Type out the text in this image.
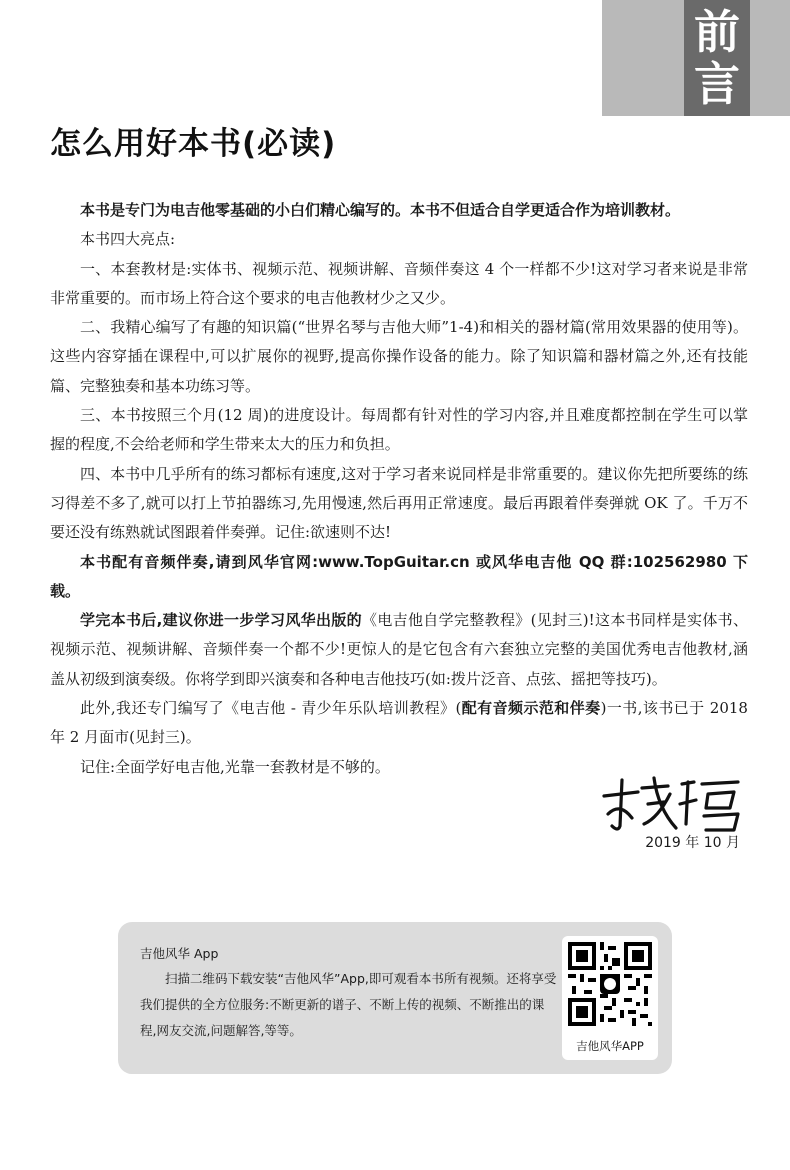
前
言
怎么用好本书(必读)

本书是专门为电吉他零基础的小白们精心编写的。本书不但适合自学更适合作为培训教材。

本书四大亮点:

一、本套教材是:实体书、视频示范、视频讲解、音频伴奏这 4 个一样都不少!这对学习者来说是非常非常重要的。而市场上符合这个要求的电吉他教材少之又少。

二、我精心编写了有趣的知识篇(“世界名琴与吉他大师”1-4)和相关的器材篇(常用效果器的使用等)。这些内容穿插在课程中,可以扩展你的视野,提高你操作设备的能力。除了知识篇和器材篇之外,还有技能篇、完整独奏和基本功练习等。

三、本书按照三个月(12 周)的进度设计。每周都有针对性的学习内容,并且难度都控制在学生可以掌握的程度,不会给老师和学生带来太大的压力和负担。

四、本书中几乎所有的练习都标有速度,这对于学习者来说同样是非常重要的。建议你先把所要练的练习得差不多了,就可以打上节拍器练习,先用慢速,然后再用正常速度。最后再跟着伴奏弹就 OK 了。千万不要还没有练熟就试图跟着伴奏弹。记住:欲速则不达!

本书配有音频伴奏,请到风华官网:www.TopGuitar.cn 或风华电吉他 QQ 群:102562980 下载。

学完本书后,建议你进一步学习风华出版的《电吉他自学完整教程》(见封三)!这本书同样是实体书、视频示范、视频讲解、音频伴奏一个都不少!更惊人的是它包含有六套独立完整的美国优秀电吉他教材,涵盖从初级到演奏级。你将学到即兴演奏和各种电吉他技巧(如:拨片泛音、点弦、摇把等技巧)。

此外,我还专门编写了《电吉他 - 青少年乐队培训教程》(配有音频示范和伴奏)一书,该书已于 2018 年 2 月面市(见封三)。

记住:全面学好电吉他,光靠一套教材是不够的。

2019 年 10 月
吉他风华 App

扫描二维码下载安装“吉他风华”App,即可观看本书所有视频。还将享受我们提供的全方位服务:不断更新的谱子、不断上传的视频、不断推出的课程,网友交流,问题解答,等等。

吉他风华APP
